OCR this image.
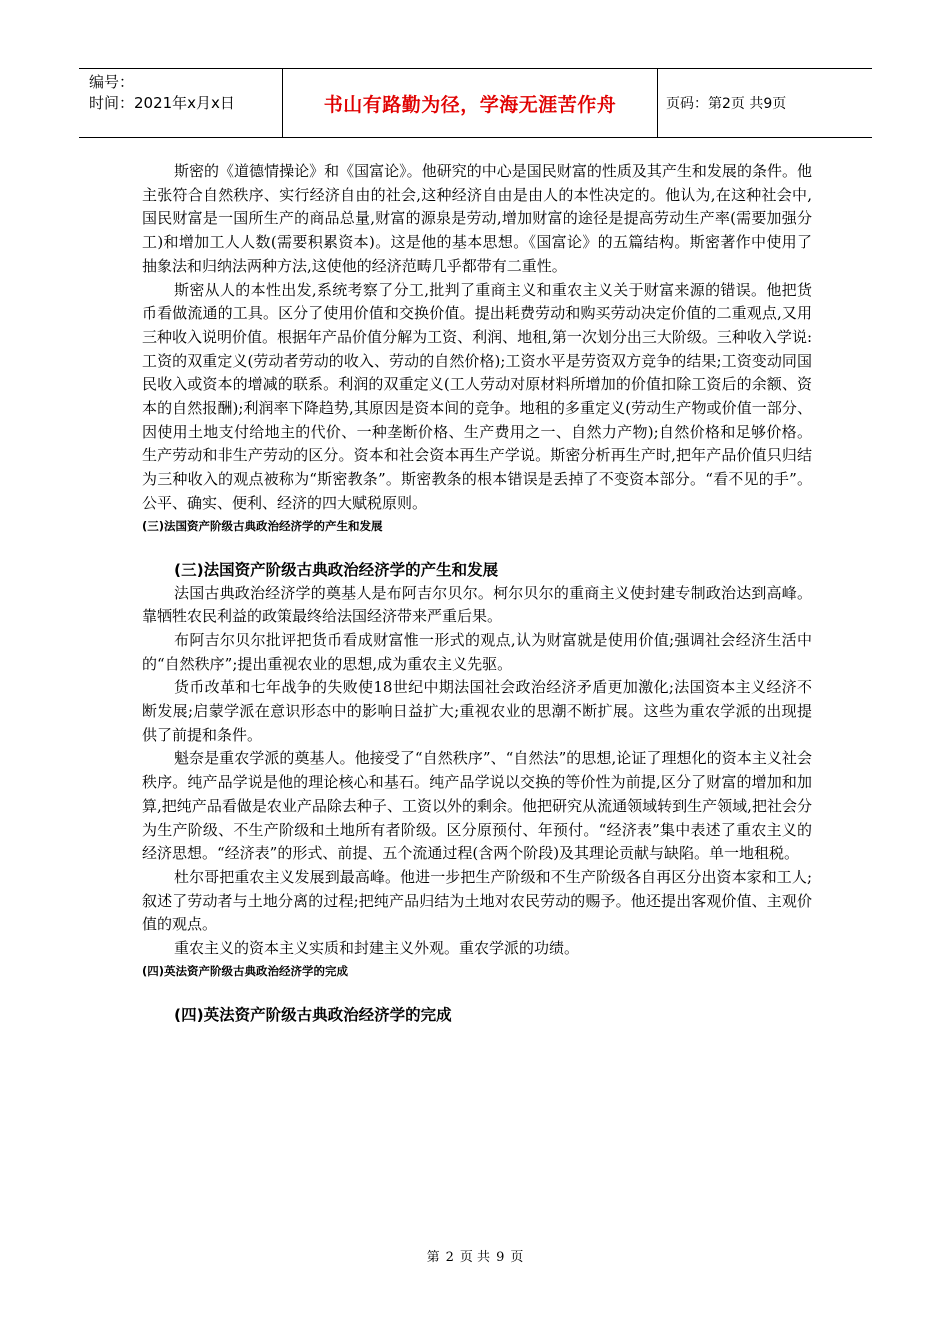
编号：
时间：2021年x月x日	书山有路勤为径，学海无涯苦作舟	页码：第2页 共9页

斯密的《道德情操论》和《国富论》。他研究的中心是国民财富的性质及其产生和发展的条件。他主张符合自然秩序、实行经济自由的社会,这种经济自由是由人的本性决定的。他认为,在这种社会中,国民财富是一国所生产的商品总量,财富的源泉是劳动,增加财富的途径是提高劳动生产率(需要加强分工)和增加工人人数(需要积累资本)。这是他的基本思想。《国富论》的五篇结构。斯密著作中使用了抽象法和归纳法两种方法,这使他的经济范畴几乎都带有二重性。

斯密从人的本性出发,系统考察了分工,批判了重商主义和重农主义关于财富来源的错误。他把货币看做流通的工具。区分了使用价值和交换价值。提出耗费劳动和购买劳动决定价值的二重观点,又用三种收入说明价值。根据年产品价值分解为工资、利润、地租,第一次划分出三大阶级。三种收入学说:工资的双重定义(劳动者劳动的收入、劳动的自然价格);工资水平是劳资双方竞争的结果;工资变动同国民收入或资本的增减的联系。利润的双重定义(工人劳动对原材料所增加的价值扣除工资后的余额、资本的自然报酬);利润率下降趋势,其原因是资本间的竞争。地租的多重定义(劳动生产物或价值一部分、因使用土地支付给地主的代价、一种垄断价格、生产费用之一、自然力产物);自然价格和足够价格。生产劳动和非生产劳动的区分。资本和社会资本再生产学说。斯密分析再生产时,把年产品价值只归结为三种收入的观点被称为“斯密教条”。斯密教条的根本错误是丢掉了不变资本部分。“看不见的手”。公平、确实、便利、经济的四大赋税原则。

(三)法国资产阶级古典政治经济学的产生和发展

(三)法国资产阶级古典政治经济学的产生和发展

法国古典政治经济学的奠基人是布阿吉尔贝尔。柯尔贝尔的重商主义使封建专制政治达到高峰。靠牺牲农民利益的政策最终给法国经济带来严重后果。

布阿吉尔贝尔批评把货币看成财富惟一形式的观点,认为财富就是使用价值;强调社会经济生活中的“自然秩序”;提出重视农业的思想,成为重农主义先驱。

货币改革和七年战争的失败使18世纪中期法国社会政治经济矛盾更加激化;法国资本主义经济不断发展;启蒙学派在意识形态中的影响日益扩大;重视农业的思潮不断扩展。这些为重农学派的出现提供了前提和条件。

魁奈是重农学派的奠基人。他接受了“自然秩序”、“自然法”的思想,论证了理想化的资本主义社会秩序。纯产品学说是他的理论核心和基石。纯产品学说以交换的等价性为前提,区分了财富的增加和加算,把纯产品看做是农业产品除去种子、工资以外的剩余。他把研究从流通领域转到生产领域,把社会分为生产阶级、不生产阶级和土地所有者阶级。区分原预付、年预付。“经济表”集中表述了重农主义的经济思想。“经济表”的形式、前提、五个流通过程(含两个阶段)及其理论贡献与缺陷。单一地租税。

杜尔哥把重农主义发展到最高峰。他进一步把生产阶级和不生产阶级各自再区分出资本家和工人;叙述了劳动者与土地分离的过程;把纯产品归结为土地对农民劳动的赐予。他还提出客观价值、主观价值的观点。

重农主义的资本主义实质和封建主义外观。重农学派的功绩。

(四)英法资产阶级古典政治经济学的完成

(四)英法资产阶级古典政治经济学的完成

第 2 页 共 9 页
